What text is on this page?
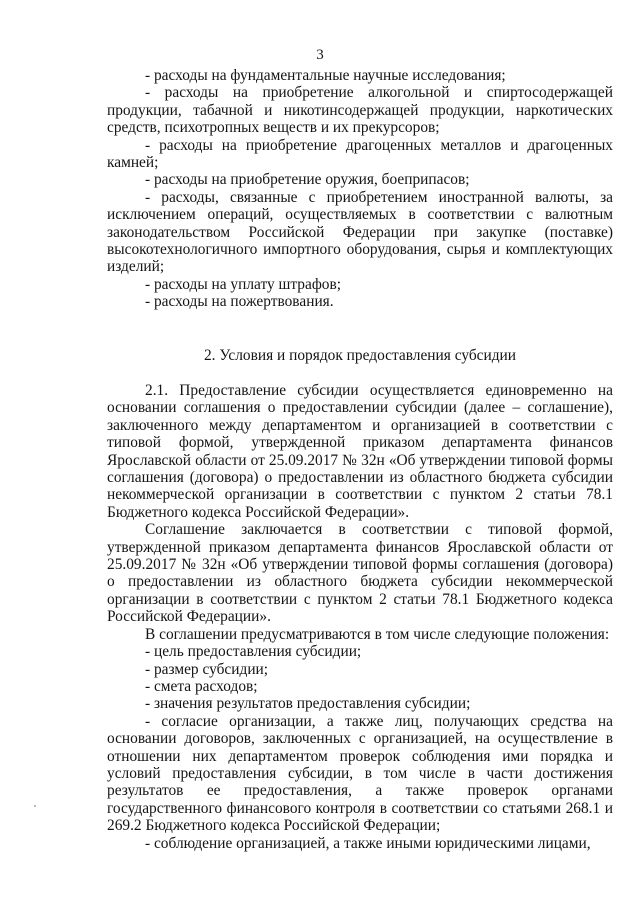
3

- расходы на фундаментальные научные исследования;

- расходы на приобретение алкогольной и спиртосодержащей продукции, табачной и никотинсодержащей продукции, наркотических средств, психотропных веществ и их прекурсоров;

- расходы на приобретение драгоценных металлов и драгоценных камней;

- расходы на приобретение оружия, боеприпасов;

- расходы, связанные с приобретением иностранной валюты, за исключением операций, осуществляемых в соответствии с валютным законодательством Российской Федерации при закупке (поставке) высокотехнологичного импортного оборудования, сырья и комплектующих изделий;

- расходы на уплату штрафов;

- расходы на пожертвования.

2. Условия и порядок предоставления субсидии

2.1. Предоставление субсидии осуществляется единовременно на основании соглашения о предоставлении субсидии (далее – соглашение), заключенного между департаментом и организацией в соответствии с типовой формой, утвержденной приказом департамента финансов Ярославской области от 25.09.2017 № 32н «Об утверждении типовой формы соглашения (договора) о предоставлении из областного бюджета субсидии некоммерческой организации в соответствии с пунктом 2 статьи 78.1 Бюджетного кодекса Российской Федерации».

Соглашение заключается в соответствии с типовой формой, утвержденной приказом департамента финансов Ярославской области от 25.09.2017 № 32н «Об утверждении типовой формы соглашения (договора) о предоставлении из областного бюджета субсидии некоммерческой организации в соответствии с пунктом 2 статьи 78.1 Бюджетного кодекса Российской Федерации».

В соглашении предусматриваются в том числе следующие положения:

- цель предоставления субсидии;

- размер субсидии;

- смета расходов;

- значения результатов предоставления субсидии;

- согласие организации, а также лиц, получающих средства на основании договоров, заключенных с организацией, на осуществление в отношении них департаментом проверок соблюдения ими порядка и условий предоставления субсидии, в том числе в части достижения результатов ее предоставления, а также проверок органами государственного финансового контроля в соответствии со статьями 268.1 и 269.2 Бюджетного кодекса Российской Федерации;

- соблюдение организацией, а также иными юридическими лицами,
